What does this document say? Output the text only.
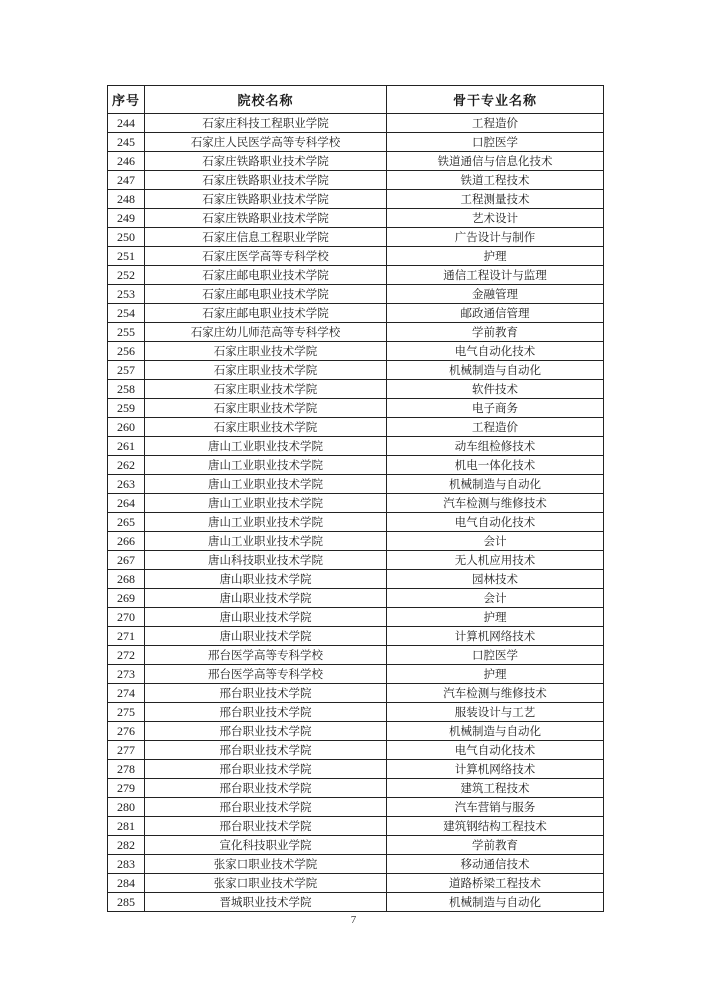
序号	院校名称	骨干专业名称
244	石家庄科技工程职业学院	工程造价
245	石家庄人民医学高等专科学校	口腔医学
246	石家庄铁路职业技术学院	铁道通信与信息化技术
247	石家庄铁路职业技术学院	铁道工程技术
248	石家庄铁路职业技术学院	工程测量技术
249	石家庄铁路职业技术学院	艺术设计
250	石家庄信息工程职业学院	广告设计与制作
251	石家庄医学高等专科学校	护理
252	石家庄邮电职业技术学院	通信工程设计与监理
253	石家庄邮电职业技术学院	金融管理
254	石家庄邮电职业技术学院	邮政通信管理
255	石家庄幼儿师范高等专科学校	学前教育
256	石家庄职业技术学院	电气自动化技术
257	石家庄职业技术学院	机械制造与自动化
258	石家庄职业技术学院	软件技术
259	石家庄职业技术学院	电子商务
260	石家庄职业技术学院	工程造价
261	唐山工业职业技术学院	动车组检修技术
262	唐山工业职业技术学院	机电一体化技术
263	唐山工业职业技术学院	机械制造与自动化
264	唐山工业职业技术学院	汽车检测与维修技术
265	唐山工业职业技术学院	电气自动化技术
266	唐山工业职业技术学院	会计
267	唐山科技职业技术学院	无人机应用技术
268	唐山职业技术学院	园林技术
269	唐山职业技术学院	会计
270	唐山职业技术学院	护理
271	唐山职业技术学院	计算机网络技术
272	邢台医学高等专科学校	口腔医学
273	邢台医学高等专科学校	护理
274	邢台职业技术学院	汽车检测与维修技术
275	邢台职业技术学院	服装设计与工艺
276	邢台职业技术学院	机械制造与自动化
277	邢台职业技术学院	电气自动化技术
278	邢台职业技术学院	计算机网络技术
279	邢台职业技术学院	建筑工程技术
280	邢台职业技术学院	汽车营销与服务
281	邢台职业技术学院	建筑钢结构工程技术
282	宣化科技职业学院	学前教育
283	张家口职业技术学院	移动通信技术
284	张家口职业技术学院	道路桥梁工程技术
285	晋城职业技术学院	机械制造与自动化
7
